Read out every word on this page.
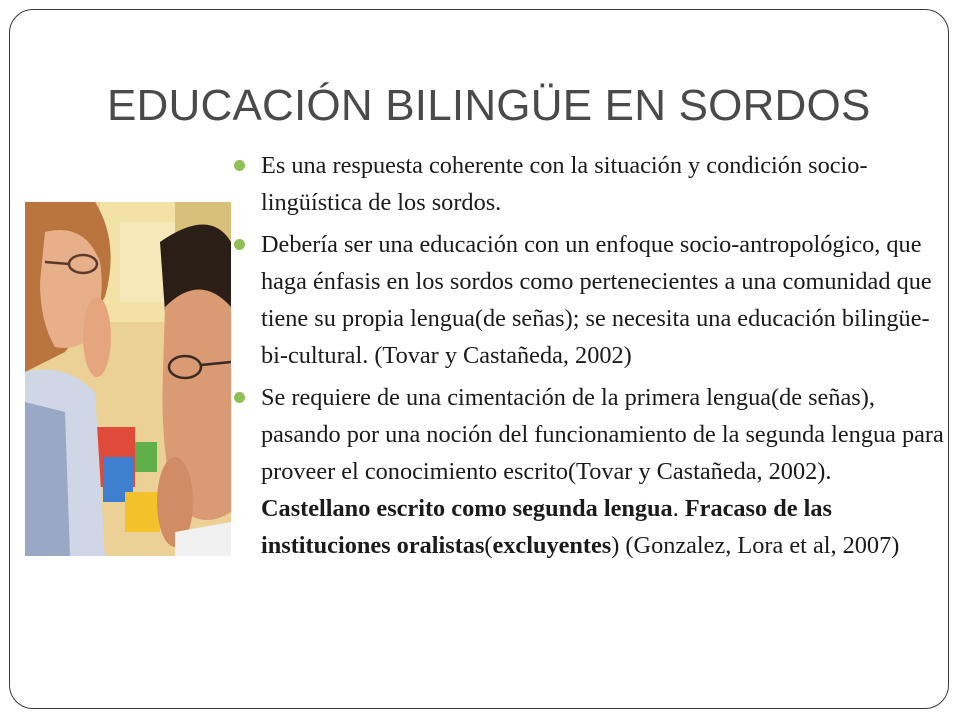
EDUCACIÓN BILINGÜE EN SORDOS
Es una respuesta coherente con la situación y condición socio-lingüística de los sordos.
Debería ser una educación con un enfoque socio-antropológico, que haga énfasis en los sordos como pertenecientes a una comunidad que tiene su propia lengua(de señas); se necesita una educación bilingüe-bi-cultural. (Tovar y Castañeda, 2002)
Se requiere de una cimentación de la primera lengua(de señas), pasando por una noción del funcionamiento de la segunda lengua para proveer el conocimiento escrito(Tovar y Castañeda, 2002). Castellano escrito como segunda lengua. Fracaso de las instituciones oralistas(excluyentes) (Gonzalez, Lora et al, 2007)
